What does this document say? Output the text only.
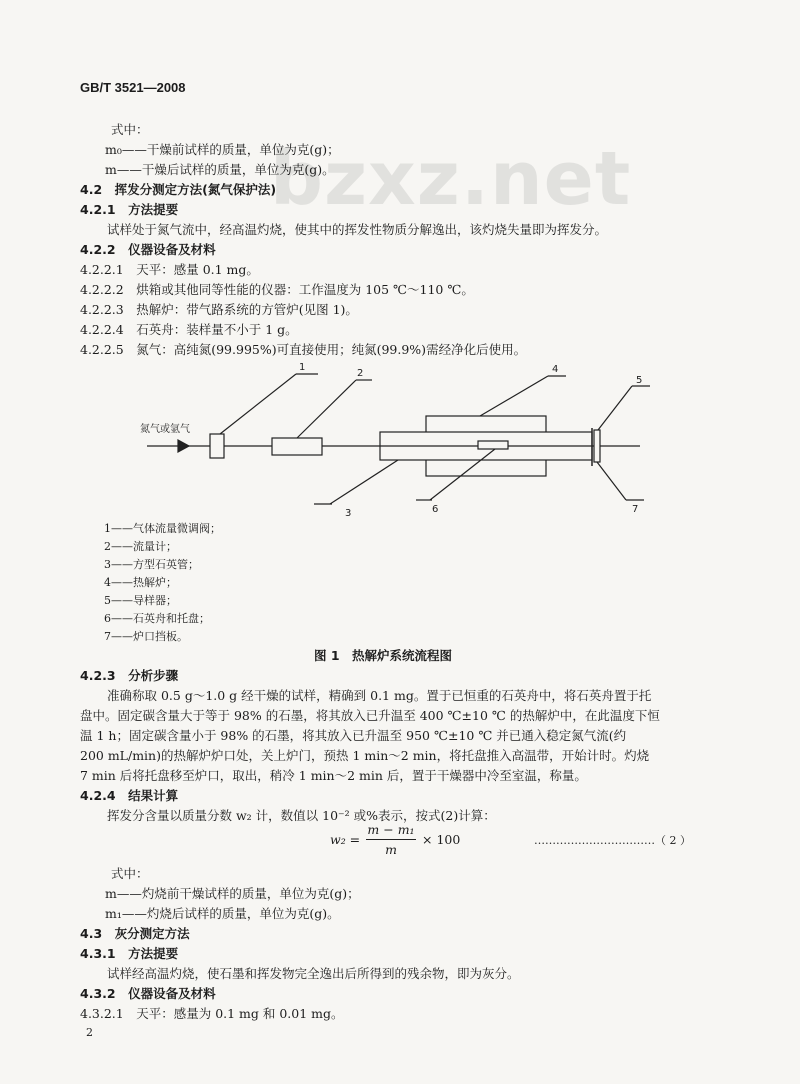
bzxz.net
GB/T 3521—2008
式中：
m₀——干燥前试样的质量，单位为克(g)；
m——干燥后试样的质量，单位为克(g)。
4.2　挥发分测定方法(氮气保护法)
4.2.1　方法提要
试样处于氮气流中，经高温灼烧，使其中的挥发性物质分解逸出，该灼烧失量即为挥发分。
4.2.2　仪器设备及材料
4.2.2.1　天平：感量 0.1 mg。
4.2.2.2　烘箱或其他同等性能的仪器：工作温度为 105 ℃～110 ℃。
4.2.2.3　热解炉：带气路系统的方管炉(见图 1)。
4.2.2.4　石英舟：装样量不小于 1 g。
4.2.2.5　氮气：高纯氮(99.995%)可直接使用；纯氮(99.9%)需经净化后使用。
氮气或氩气
1
2
3
4
5
6	7
1——气体流量微调阀；
2——流量计；
3——方型石英管；
4——热解炉；
5——导样器；
6——石英舟和托盘；
7——炉口挡板。
图 1　热解炉系统流程图
4.2.3　分析步骤
准确称取 0.5 g～1.0 g 经干燥的试样，精确到 0.1 mg。置于已恒重的石英舟中，将石英舟置于托
盘中。固定碳含量大于等于 98% 的石墨，将其放入已升温至 400 ℃±10 ℃ 的热解炉中，在此温度下恒
温 1 h；固定碳含量小于 98% 的石墨，将其放入已升温至 950 ℃±10 ℃ 并已通入稳定氮气流(约
200 mL/min)的热解炉炉口处，关上炉门，预热 1 min～2 min，将托盘推入高温带，开始计时。灼烧
7 min 后将托盘移至炉口，取出，稍冷 1 min～2 min 后，置于干燥器中冷至室温，称量。
4.2.4　结果计算
挥发分含量以质量分数 w₂ 计，数值以 10⁻² 或%表示，按式(2)计算：
w₂ =
m − m₁
m
× 100	……………………………（ 2 ）
式中：
m——灼烧前干燥试样的质量，单位为克(g)；
m₁——灼烧后试样的质量，单位为克(g)。
4.3　灰分测定方法
4.3.1　方法提要
试样经高温灼烧，使石墨和挥发物完全逸出后所得到的残余物，即为灰分。
4.3.2　仪器设备及材料
4.3.2.1　天平：感量为 0.1 mg 和 0.01 mg。
2
